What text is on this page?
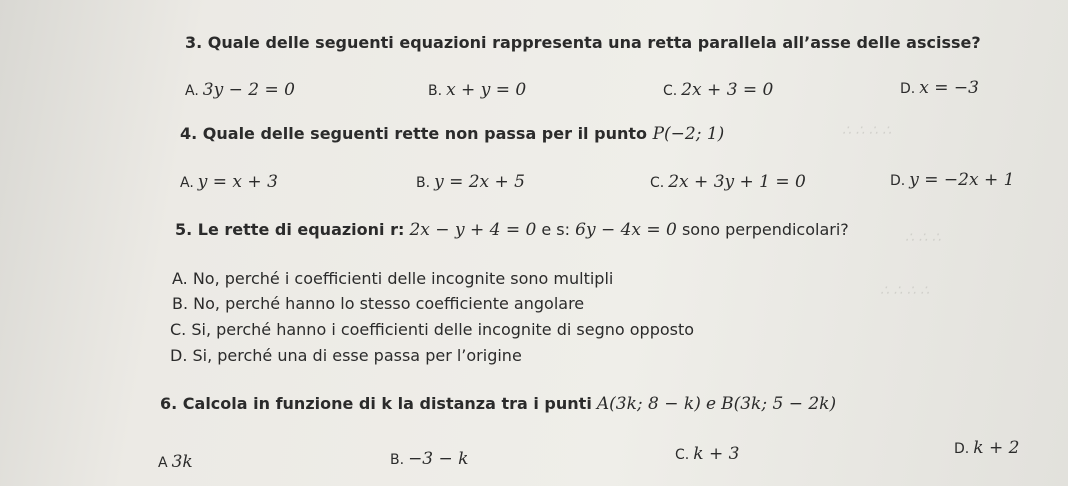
∴ ∴ ∴ ∴
∴ ∴ ∴
∴ ∴ ∴ ∴
3. Quale delle seguenti equazioni rappresenta una retta parallela all’asse delle ascisse?
A. 3y − 2 = 0	B. x + y = 0	C. 2x + 3 = 0	D. x = −3
4. Quale delle seguenti rette non passa per il punto P(−2; 1)
A. y = x + 3	B. y = 2x + 5	C. 2x + 3y + 1 = 0	D. y = −2x + 1
5. Le rette di equazioni r: 2x − y + 4 = 0 e s: 6y − 4x = 0 sono perpendicolari?
A. No, perché i coefficienti delle incognite sono multipli
B. No, perché hanno lo stesso coefficiente angolare
C. Si, perché hanno i coefficienti delle incognite di segno opposto
D. Si, perché una di esse passa per l’origine
6. Calcola in funzione di k la distanza tra i punti A(3k; 8 − k) e B(3k; 5 − 2k)
A 3k	B. −3 − k	C. k + 3	D. k + 2
